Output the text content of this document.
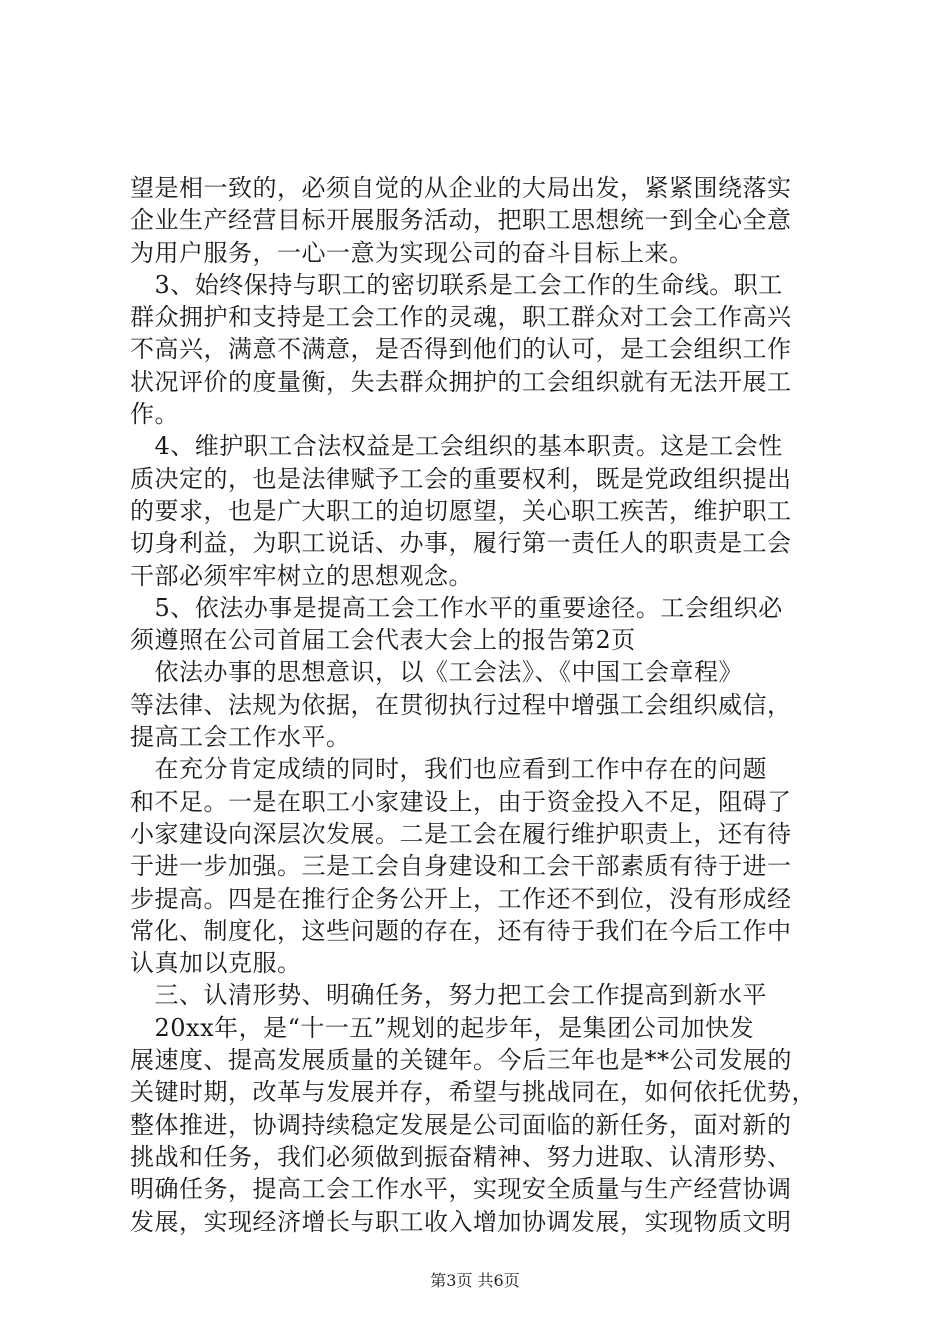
望是相一致的，必须自觉的从企业的大局出发，紧紧围绕落实
企业生产经营目标开展服务活动，把职工思想统一到全心全意
为用户服务，一心一意为实现公司的奋斗目标上来。
　3、始终保持与职工的密切联系是工会工作的生命线。职工
群众拥护和支持是工会工作的灵魂，职工群众对工会工作高兴
不高兴，满意不满意，是否得到他们的认可，是工会组织工作
状况评价的度量衡，失去群众拥护的工会组织就有无法开展工
作。
　4、维护职工合法权益是工会组织的基本职责。这是工会性
质决定的，也是法律赋予工会的重要权利，既是党政组织提出
的要求，也是广大职工的迫切愿望，关心职工疾苦，维护职工
切身利益，为职工说话、办事，履行第一责任人的职责是工会
干部必须牢牢树立的思想观念。
　5、依法办事是提高工会工作水平的重要途径。工会组织必
须遵照在公司首届工会代表大会上的报告第2页
　依法办事的思想意识，以《工会法》、《中国工会章程》
等法律、法规为依据，在贯彻执行过程中增强工会组织威信，
提高工会工作水平。
　在充分肯定成绩的同时，我们也应看到工作中存在的问题
和不足。一是在职工小家建设上，由于资金投入不足，阻碍了
小家建设向深层次发展。二是工会在履行维护职责上，还有待
于进一步加强。三是工会自身建设和工会干部素质有待于进一
步提高。四是在推行企务公开上，工作还不到位，没有形成经
常化、制度化，这些问题的存在，还有待于我们在今后工作中
认真加以克服。
　三、认清形势、明确任务，努力把工会工作提高到新水平
　20xx年，是“十一五”规划的起步年，是集团公司加快发
展速度、提高发展质量的关键年。今后三年也是**公司发展的
关键时期，改革与发展并存，希望与挑战同在，如何依托优势，
整体推进，协调持续稳定发展是公司面临的新任务，面对新的
挑战和任务，我们必须做到振奋精神、努力进取、认清形势、
明确任务，提高工会工作水平，实现安全质量与生产经营协调
发展，实现经济增长与职工收入增加协调发展，实现物质文明
第3页 共6页
